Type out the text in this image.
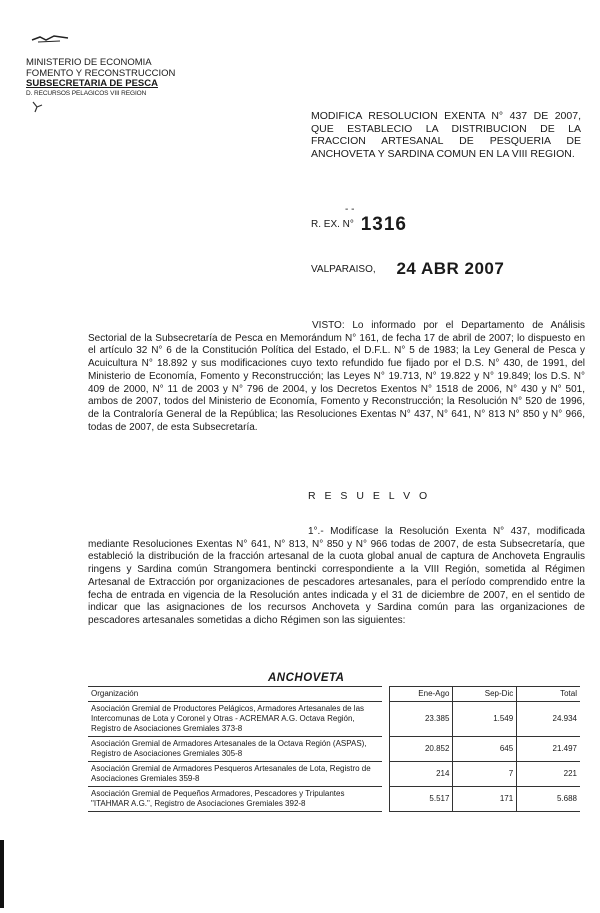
MINISTERIO DE ECONOMIA
FOMENTO Y RECONSTRUCCION
SUBSECRETARIA DE PESCA
D. RECURSOS PELAGICOS VIII REGION
MODIFICA RESOLUCION EXENTA N° 437 DE 2007, QUE ESTABLECIO LA DISTRIBUCION DE LA FRACCION ARTESANAL DE PESQUERIA DE ANCHOVETA Y SARDINA COMUN EN LA VIII REGION.
- -
R. EX. N° 1316
VALPARAISO, 24 ABR 2007

VISTO: Lo informado por el Departamento de Análisis Sectorial de la Subsecretaría de Pesca en Memorándum N° 161, de fecha 17 de abril de 2007; lo dispuesto en el artículo 32 N° 6 de la Constitución Política del Estado, el D.F.L. N° 5 de 1983; la Ley General de Pesca y Acuicultura N° 18.892 y sus modificaciones cuyo texto refundido fue fijado por el D.S. N° 430, de 1991, del Ministerio de Economía, Fomento y Reconstrucción; las Leyes N° 19.713, N° 19.822 y N° 19.849; los D.S. N° 409 de 2000, N° 11 de 2003 y N° 796 de 2004, y los Decretos Exentos N° 1518 de 2006, N° 430 y N° 501, ambos de 2007, todos del Ministerio de Economía, Fomento y Reconstrucción; la Resolución N° 520 de 1996, de la Contraloría General de la República; las Resoluciones Exentas N° 437, N° 641, N° 813 N° 850 y N° 966, todas de 2007, de esta Subsecretaría.

R E S U E L V O

1°.- Modifícase la Resolución Exenta N° 437, modificada mediante Resoluciones Exentas N° 641, N° 813, N° 850 y N° 966 todas de 2007, de esta Subsecretaría, que estableció la distribución de la fracción artesanal de la cuota global anual de captura de Anchoveta Engraulis ringens y Sardina común Strangomera bentincki correspondiente a la VIII Región, sometida al Régimen Artesanal de Extracción por organizaciones de pescadores artesanales, para el período comprendido entre la fecha de entrada en vigencia de la Resolución antes indicada y el 31 de diciembre de 2007, en el sentido de indicar que las asignaciones de los recursos Anchoveta y Sardina común para las organizaciones de pescadores artesanales sometidas a dicho Régimen son las siguientes:

ANCHOVETA
Organización		Ene-Ago	Sep-Dic	Total
Asociación Gremial de Productores Pelágicos, Armadores Artesanales de las Intercomunas de Lota y Coronel y Otras - ACREMAR A.G. Octava Región, Registro de Asociaciones Gremiales 373-8		23.385	1.549	24.934
Asociación Gremial de Armadores Artesanales de la Octava Región (ASPAS), Registro de Asociaciones Gremiales 305-8		20.852	645	21.497
Asociación Gremial de Armadores Pesqueros Artesanales de Lota, Registro de Asociaciones Gremiales 359-8		214	7	221
Asociación Gremial de Pequeños Armadores, Pescadores y Tripulantes "ITAHMAR A.G.", Registro de Asociaciones Gremiales 392-8		5.517	171	5.688
